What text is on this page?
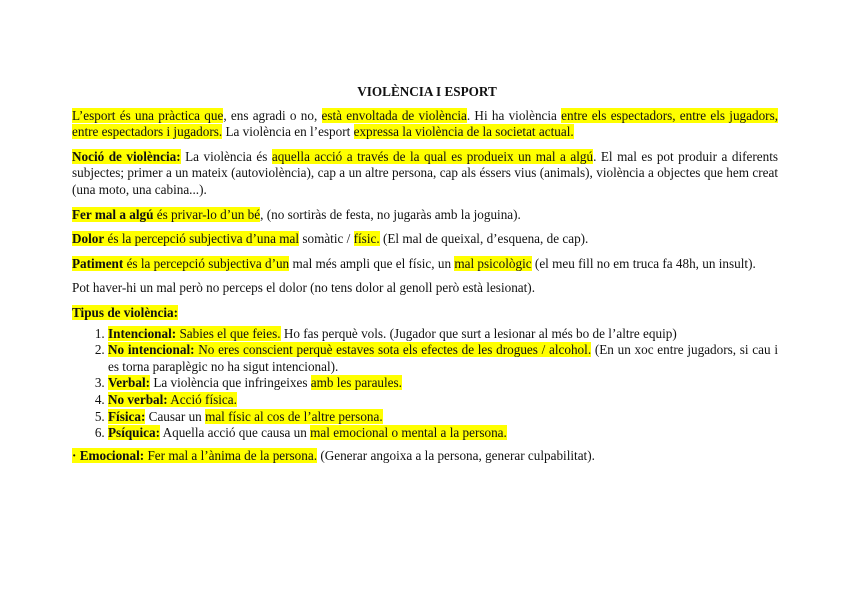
VIOLÈNCIA I ESPORT

L’esport és una pràctica que, ens agradi o no, està envoltada de violència. Hi ha violència entre els espectadors, entre els jugadors, entre espectadors i jugadors. La violència en l’esport expressa la violència de la societat actual.

Noció de violència: La violència és aquella acció a través de la qual es produeix un mal a algú. El mal es pot produir a diferents subjectes; primer a un mateix (autoviolència), cap a un altre persona, cap als éssers vius (animals), violència a objectes que hem creat (una moto, una cabina...).

Fer mal a algú és privar-lo d’un bé, (no sortiràs de festa, no jugaràs amb la joguina).

Dolor és la percepció subjectiva d’una mal somàtic / físic. (El mal de queixal, d’esquena, de cap).

Patiment és la percepció subjectiva d’un mal més ampli que el físic, un mal psicològic (el meu fill no em truca fa 48h, un insult).

Pot haver-hi un mal però no perceps el dolor (no tens dolor al genoll però està lesionat).

Tipus de violència:

1. Intencional: Sabies el que feies. Ho fas perquè vols. (Jugador que surt a lesionar al més bo de l’altre equip)
2. No intencional: No eres conscient perquè estaves sota els efectes de les drogues / alcohol. (En un xoc entre jugadors, si cau i es torna paraplègic no ha sigut intencional).
3. Verbal: La violència que infringeixes amb les paraules.
4. No verbal: Acció física.
5. Física: Causar un mal físic al cos de l’altre persona.
6. Psíquica: Aquella acció que causa un mal emocional o mental a la persona.

· Emocional: Fer mal a l’ànima de la persona. (Generar angoixa a la persona, generar culpabilitat).
